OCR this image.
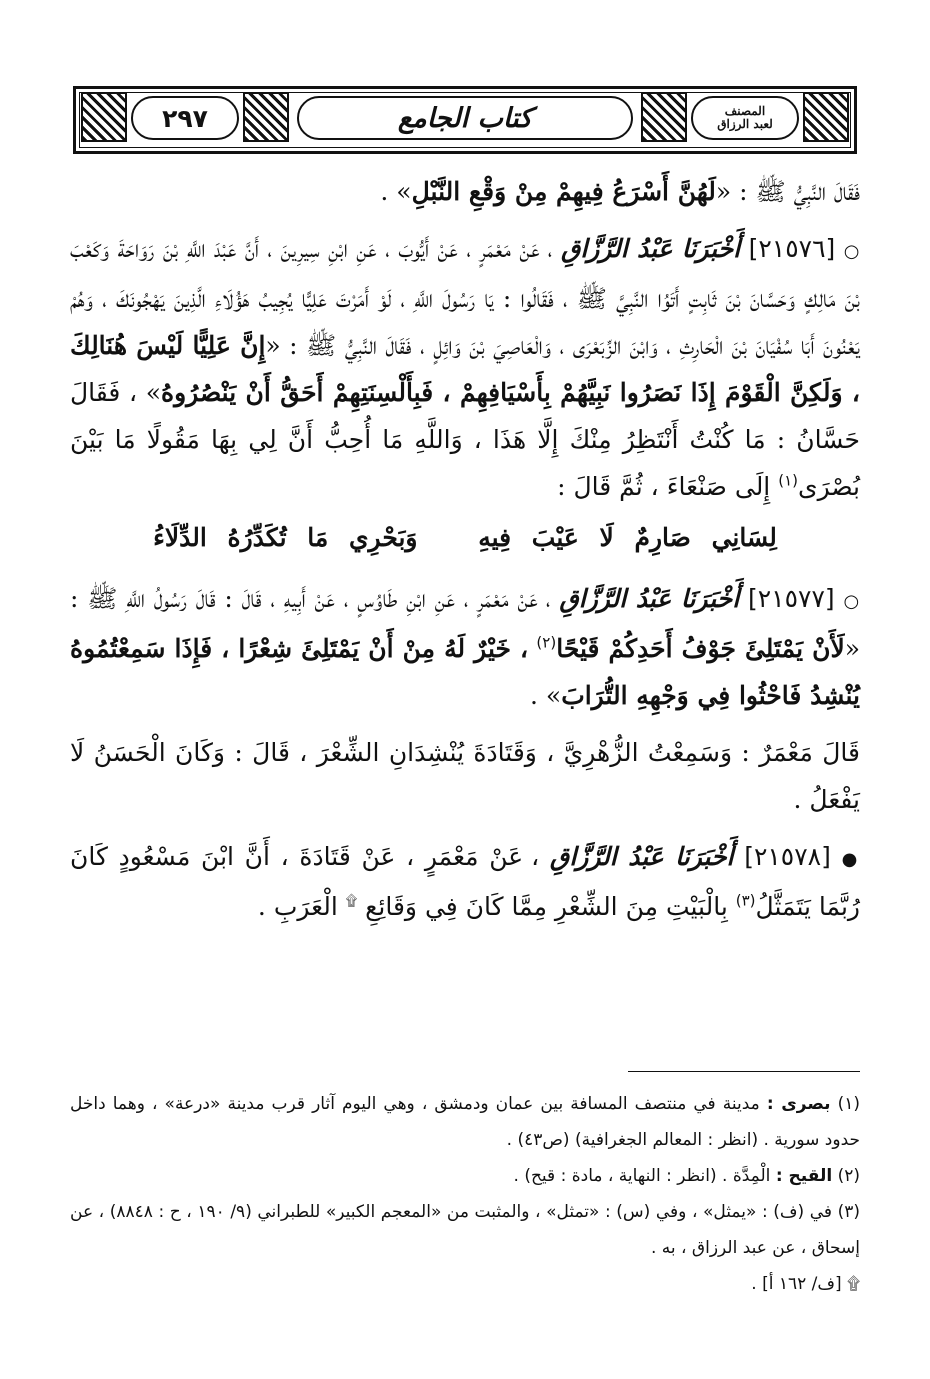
٢٩٧	كتاب الجامع	المصنف
لعبد الرزاق

فَقَالَ النَّبِيُّ ﷺ : «لَهُنَّ أَسْرَعُ فِيهِمْ مِنْ وَقْعِ النَّبْلِ» .

○ [٢١٥٧٦] أَخْبَرَنَا عَبْدُ الرَّزَّاقِ ، عَنْ مَعْمَرٍ ، عَنْ أَيُّوبَ ، عَنِ ابْنِ سِيرِينَ ، أَنَّ عَبْدَ اللَّهِ بْنَ رَوَاحَةَ وَكَعْبَ بْنَ مَالِكٍ وَحَسَّانَ بْنَ ثَابِتٍ أَتَوُا النَّبِيَّ ﷺ ، فَقَالُوا : يَا رَسُولَ اللَّهِ ، لَوْ أَمَرْتَ عَلِيًّا يُجِيبُ هَؤُلَاءِ الَّذِينَ يَهْجُونَكَ ، وَهُمْ يَعْنُونَ أَبَا سُفْيَانَ بْنَ الْحَارِثِ ، وَابْنَ الزِّبَعْرَى ، وَالْعَاصِيَ بْنَ وَائِلٍ ، فَقَالَ النَّبِيُّ ﷺ : «إِنَّ عَلِيًّا لَيْسَ هُنَالِكَ ، وَلَكِنَّ الْقَوْمَ إِذَا نَصَرُوا نَبِيَّهُمْ بِأَسْيَافِهِمْ ، فَبِأَلْسِنَتِهِمْ أَحَقُّ أَنْ يَنْصُرُوهُ» ، فَقَالَ حَسَّانُ : مَا كُنْتُ أَنْتَظِرُ مِنْكَ إِلَّا هَذَا ، وَاللَّهِ مَا أُحِبُّ أَنَّ لِي بِهَا مَقُولًا مَا بَيْنَ بُصْرَى$^{(١)}$ إِلَى صَنْعَاءَ ، ثُمَّ قَالَ :

لِسَانِي صَارِمٌ لَا عَيْبَ فِيهِ وَبَحْرِي مَا تُكَدِّرُهُ الدِّلَاءُ

○ [٢١٥٧٧] أَخْبَرَنَا عَبْدُ الرَّزَّاقِ ، عَنْ مَعْمَرٍ ، عَنِ ابْنِ طَاوُسٍ ، عَنْ أَبِيهِ ، قَالَ : قَالَ رَسُولُ اللَّهِ ﷺ : «لَأَنْ يَمْتَلِئَ جَوْفُ أَحَدِكُمْ قَيْحًا$^{(٢)}$ ، خَيْرٌ لَهُ مِنْ أَنْ يَمْتَلِئَ شِعْرًا ، فَإِذَا سَمِعْتُمُوهُ يُنْشِدُ فَاحْثُوا فِي وَجْهِهِ التُّرَابَ» .

قَالَ مَعْمَرٌ : وَسَمِعْتُ الزُّهْرِيَّ ، وَقَتَادَةَ يُنْشِدَانِ الشِّعْرَ ، قَالَ : وَكَانَ الْحَسَنُ لَا يَفْعَلُ .

● [٢١٥٧٨] أَخْبَرَنَا عَبْدُ الرَّزَّاقِ ، عَنْ مَعْمَرٍ ، عَنْ قَتَادَةَ ، أَنَّ ابْنَ مَسْعُودٍ كَانَ رُبَّمَا يَتَمَثَّلُ$^{(٣)}$ بِالْبَيْتِ مِنَ الشِّعْرِ مِمَّا كَانَ فِي وَقَائِعِ ۩ الْعَرَبِ .

(١) بصرى : مدينة في منتصف المسافة بين عمان ودمشق ، وهي اليوم آثار قرب مدينة «درعة» ، وهما داخل حدود سورية . (انظر : المعالم الجغرافية) (ص٤٣) .

(٢) القيح : الْمِدَّة . (انظر : النهاية ، مادة : قيح) .

(٣) في (ف) : «يمثل» ، وفي (س) : «تمثل» ، والمثبت من «المعجم الكبير» للطبراني (٩/ ١٩٠ ، ح : ٨٨٤٨) ، عن إسحاق ، عن عبد الرزاق ، به .

۩ [ف/ ١٦٢ أ] .
